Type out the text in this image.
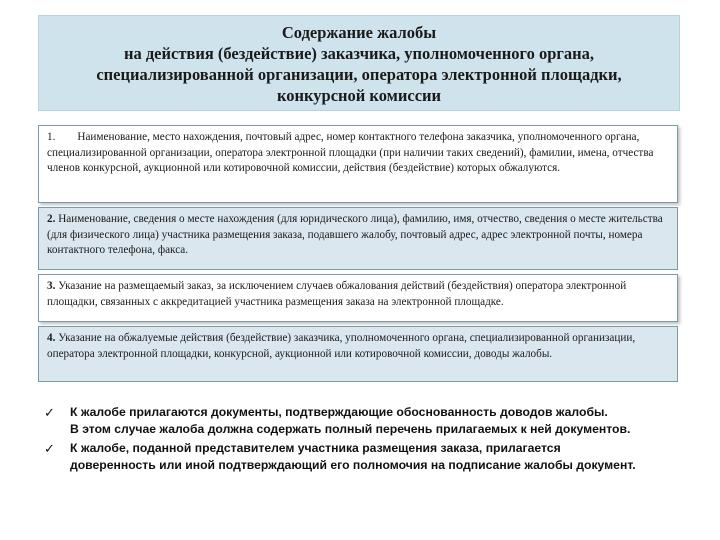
Содержание жалобы
на действия (бездействие) заказчика, уполномоченного органа,
специализированной организации, оператора электронной площадки,
конкурсной комиссии
1. Наименование, место нахождения, почтовый адрес, номер контактного телефона заказчика, уполномоченного органа, специализированной организации, оператора электронной площадки (при наличии таких сведений), фамилии, имена, отчества членов конкурсной, аукционной или котировочной комиссии, действия (бездействие) которых обжалуются.
2. Наименование, сведения о месте нахождения (для юридического лица), фамилию, имя, отчество, сведения о месте жительства (для физического лица) участника размещения заказа, подавшего жалобу, почтовый адрес, адрес электронной почты, номера контактного телефона, факса.
3. Указание на размещаемый заказ, за исключением случаев обжалования действий (бездействия) оператора электронной площадки, связанных с аккредитацией участника размещения заказа на электронной площадке.
4. Указание на обжалуемые действия (бездействие) заказчика, уполномоченного органа, специализированной организации, оператора электронной площадки, конкурсной, аукционной или котировочной комиссии, доводы жалобы.
✓	К жалобе прилагаются документы, подтверждающие обоснованность доводов жалобы.
В этом случае жалоба должна содержать полный перечень прилагаемых к ней документов.
✓	К жалобе, поданной представителем участника размещения заказа, прилагается
доверенность или иной подтверждающий его полномочия на подписание жалобы документ.
